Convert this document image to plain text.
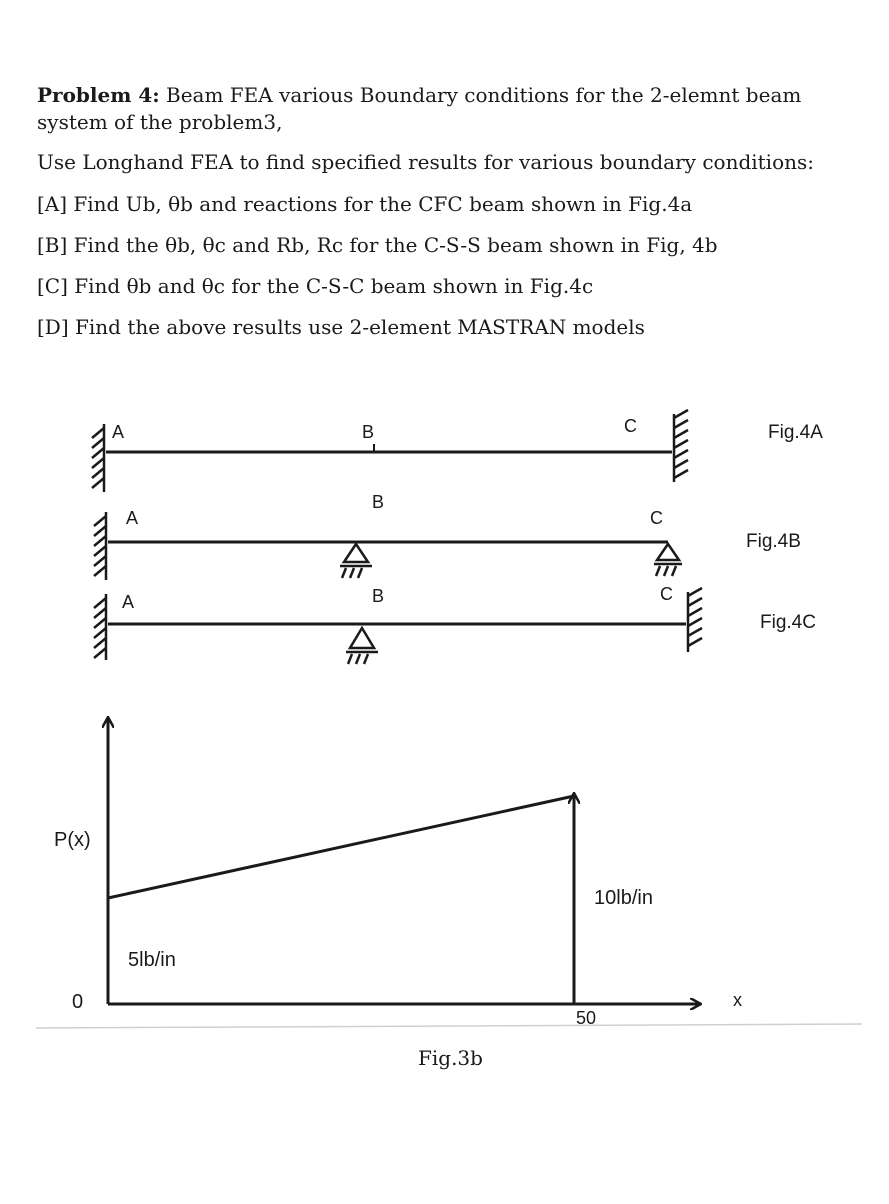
Problem 4: Beam FEA various Boundary conditions for the 2-elemnt beam system of the problem3,
Use Longhand FEA to find specified results for various boundary conditions:
[A] Find Ub, θb and reactions for the CFC beam shown in Fig.4a
[B] Find the θb, θc and Rb, Rc for the C-S-S beam shown in Fig, 4b
[C] Find θb and θc for the C-S-C beam shown in Fig.4c
[D] Find the above results use 2-element MASTRAN models
A	B	C	Fig.4A
A
B
C
Fig.4B
A	B	C
Fig.4C
P(x)
0	x
5lb/in
10lb/in
50
Fig.3b
